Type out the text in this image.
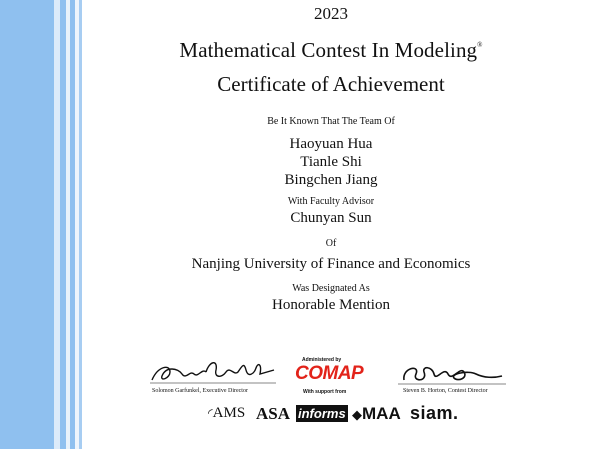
2023
Mathematical Contest In Modeling®
Certificate of Achievement
Be It Known That The Team Of
Haoyuan Hua
Tianle Shi
Bingchen Jiang
With Faculty Advisor
Chunyan Sun
Of
Nanjing University of Finance and Economics
Was Designated As
Honorable Mention
Solomon Garfunkel, Executive Director
Administered by
COMAP
With support from	Steven B. Horton, Contest Director
◜AMS ASA informs ◆MAA siam.
